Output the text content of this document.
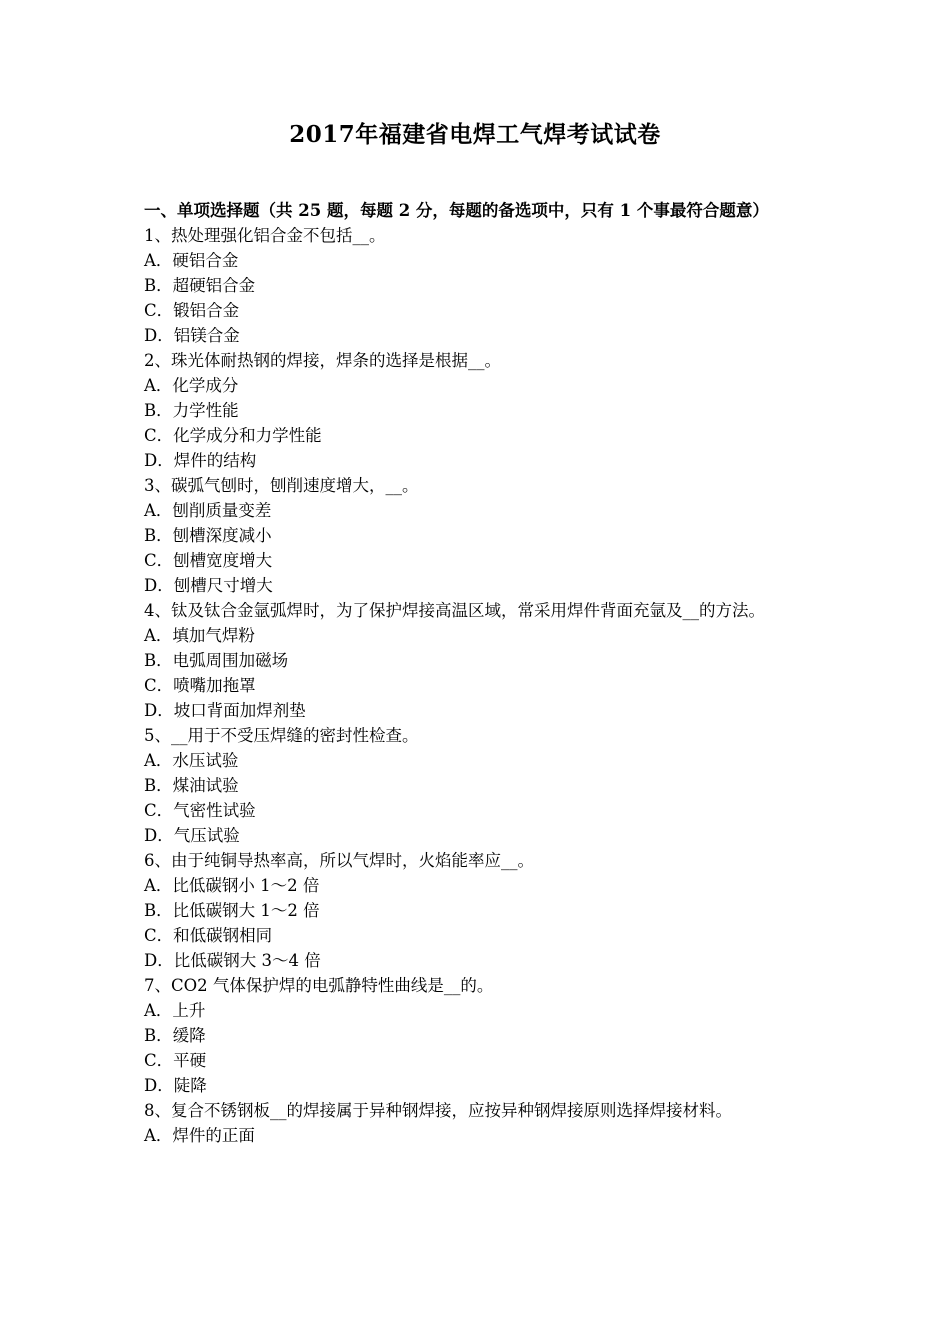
2017年福建省电焊工气焊考试试卷
一、单项选择题（共 25 题，每题 2 分，每题的备选项中，只有 1 个事最符合题意）
1、热处理强化铝合金不包括__。
A．硬铝合金
B．超硬铝合金
C．锻铝合金
D．铝镁合金
2、珠光体耐热钢的焊接，焊条的选择是根据__。
A．化学成分
B．力学性能
C．化学成分和力学性能
D．焊件的结构
3、碳弧气刨时，刨削速度增大，__。
A．刨削质量变差
B．刨槽深度减小
C．刨槽宽度增大
D．刨槽尺寸增大
4、钛及钛合金氩弧焊时，为了保护焊接高温区域，常采用焊件背面充氩及__的方法。
A．填加气焊粉
B．电弧周围加磁场
C．喷嘴加拖罩
D．坡口背面加焊剂垫
5、__用于不受压焊缝的密封性检查。
A．水压试验
B．煤油试验
C．气密性试验
D．气压试验
6、由于纯铜导热率高，所以气焊时，火焰能率应__。
A．比低碳钢小 1～2 倍
B．比低碳钢大 1～2 倍
C．和低碳钢相同
D．比低碳钢大 3～4 倍
7、CO2 气体保护焊的电弧静特性曲线是__的。
A．上升
B．缓降
C．平硬
D．陡降
8、复合不锈钢板__的焊接属于异种钢焊接，应按异种钢焊接原则选择焊接材料。
A．焊件的正面
